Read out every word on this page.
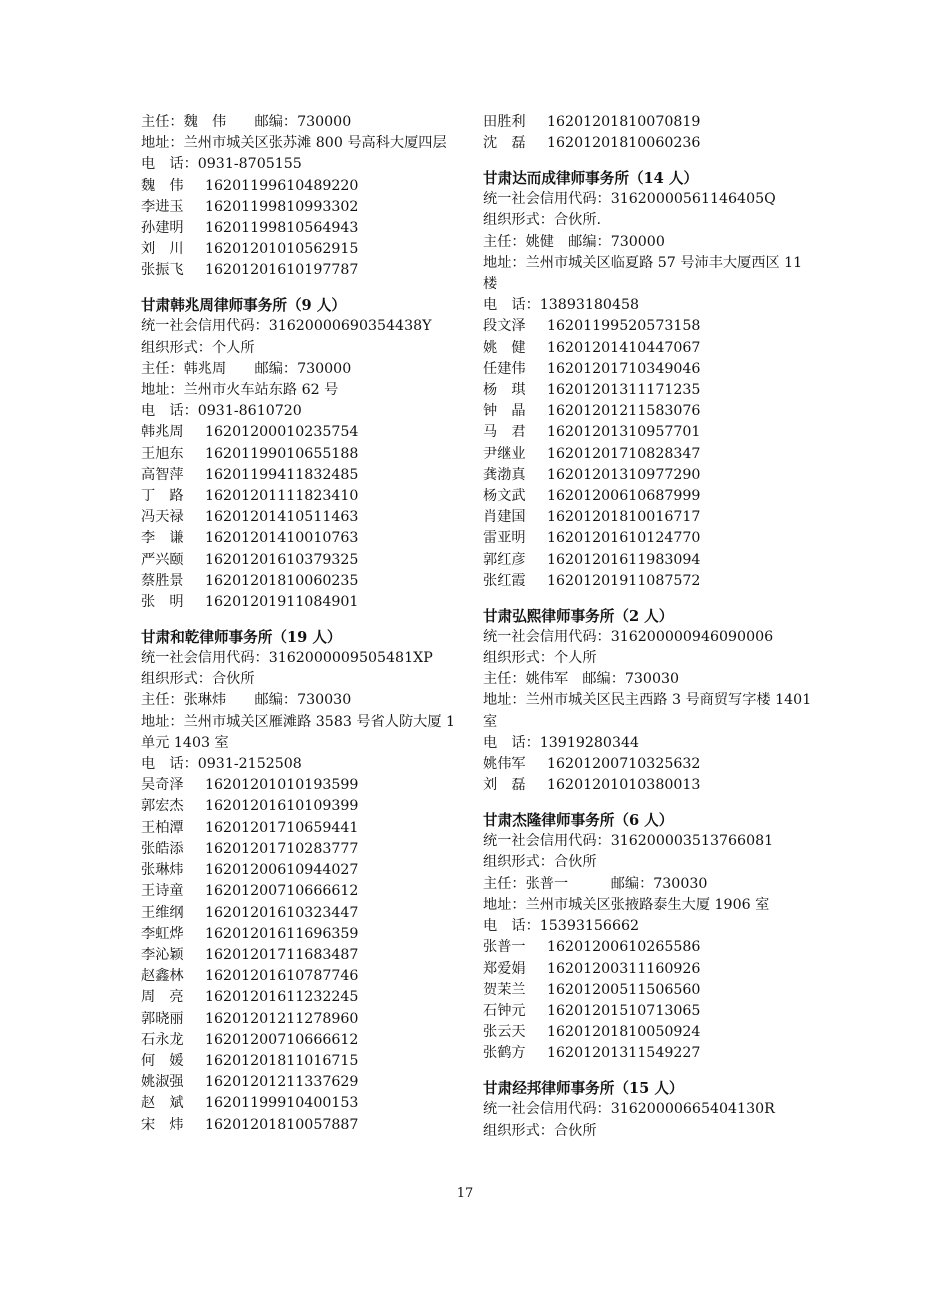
主任：魏　伟　　邮编：730000
地址：兰州市城关区张苏滩 800 号高科大厦四层
电　话：0931-8705155
魏　伟 16201199610489220
李进玉 16201199810993302
孙建明 16201199810564943
刘　川 16201201010562915
张振飞 16201201610197787
甘肃韩兆周律师事务所（9 人）
统一社会信用代码：31620000690354438Y
组织形式：个人所
主任：韩兆周　　邮编：730000
地址：兰州市火车站东路 62 号
电　话：0931-8610720
韩兆周 16201200010235754
王旭东 16201199010655188
高智萍 16201199411832485
丁　路 16201201111823410
冯天禄 16201201410511463
李　谦 16201201410010763
严兴颐 16201201610379325
蔡胜景 16201201810060235
张　明 16201201911084901
甘肃和乾律师事务所（19 人）
统一社会信用代码：316200000950548​1XP
组织形式：合伙所
主任：张琳炜　　邮编：730030
地址：兰州市城关区雁滩路 3583 号省人防大厦 1 单元 1403 室
电　话：0931-2152508
吴奇泽 16201201010193599
郭宏杰 16201201610109399
王柏潭 16201201710659441
张皓添 16201201710283777
张琳炜 16201200610944027
王诗童 16201200710666612
王维纲 16201201610323447
李虹烨 16201201611696359
李沁颖 16201201711683487
赵鑫林 16201201610787746
周　亮 16201201611232245
郭晓丽 16201201211278960
石永龙 16201200710666612
何　媛 16201201811016715
姚淑强 16201201211337629
赵　斌 16201199910400153
宋　炜 16201201810057887
田胜利 16201201810070819
沈　磊 16201201810060236
甘肃达而成律师事务所（14 人）
统一社会信用代码：31620000561146405Q
组织形式：合伙所.
主任：姚健　邮编：730000
地址：兰州市城关区临夏路 57 号沛丰大厦西区 11 楼
电　话：13893180458
段文泽 16201199520573158
姚　健 16201201410447067
任建伟 16201201710349046
杨　琪 16201201311171235
钟　晶 16201201211583076
马　君 16201201310957701
尹继业 16201201710828347
龚渤真 16201201310977290
杨文武 16201200610687999
肖建国 16201201810016717
雷亚明 16201201610124770
郭红彦 16201201611983094
张红霞 16201201911087572
甘肃弘熙律师事务所（2 人）
统一社会信用代码：316200000946090006
组织形式：个人所
主任：姚伟军　邮编：730030
地址：兰州市城关区民主西路 3 号商贸写字楼 1401 室
电　话：13919280344
姚伟军 16201200710325632
刘　磊 16201201010380013
甘肃杰隆律师事务所（6 人）
统一社会信用代码：316200003513766081
组织形式：合伙所
主任：张普一　　　邮编：730030
地址：兰州市城关区张掖路泰生大厦 1906 室
电　话：15393156662
张普一 16201200610265586
郑爱娟 16201200311160926
贺茉兰 16201200511506560
石钟元 16201201510713065
张云天 16201201810050924
张鹤方 16201201311549227
甘肃经邦律师事务所（15 人）
统一社会信用代码：31620000665404130R
组织形式：合伙所
17
